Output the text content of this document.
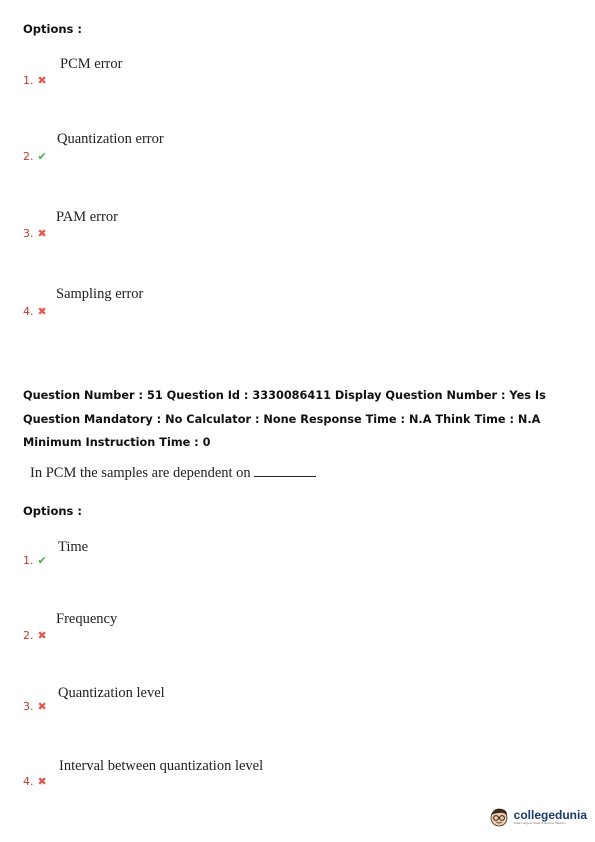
Options :
PCM error
1. ✖
Quantization error
2. ✔
PAM error
3. ✖
Sampling error
4. ✖
Question Number : 51 Question Id : 3330086411 Display Question Number : Yes Is Question Mandatory : No Calculator : None Response Time : N.A Think Time : N.A Minimum Instruction Time : 0
In PCM the samples are dependent on
Options :
Time
1. ✔
Frequency
2. ✖
Quantization level
3. ✖
Interval between quantization level
4. ✖
collegedunia
India's largest Student Review Platform
